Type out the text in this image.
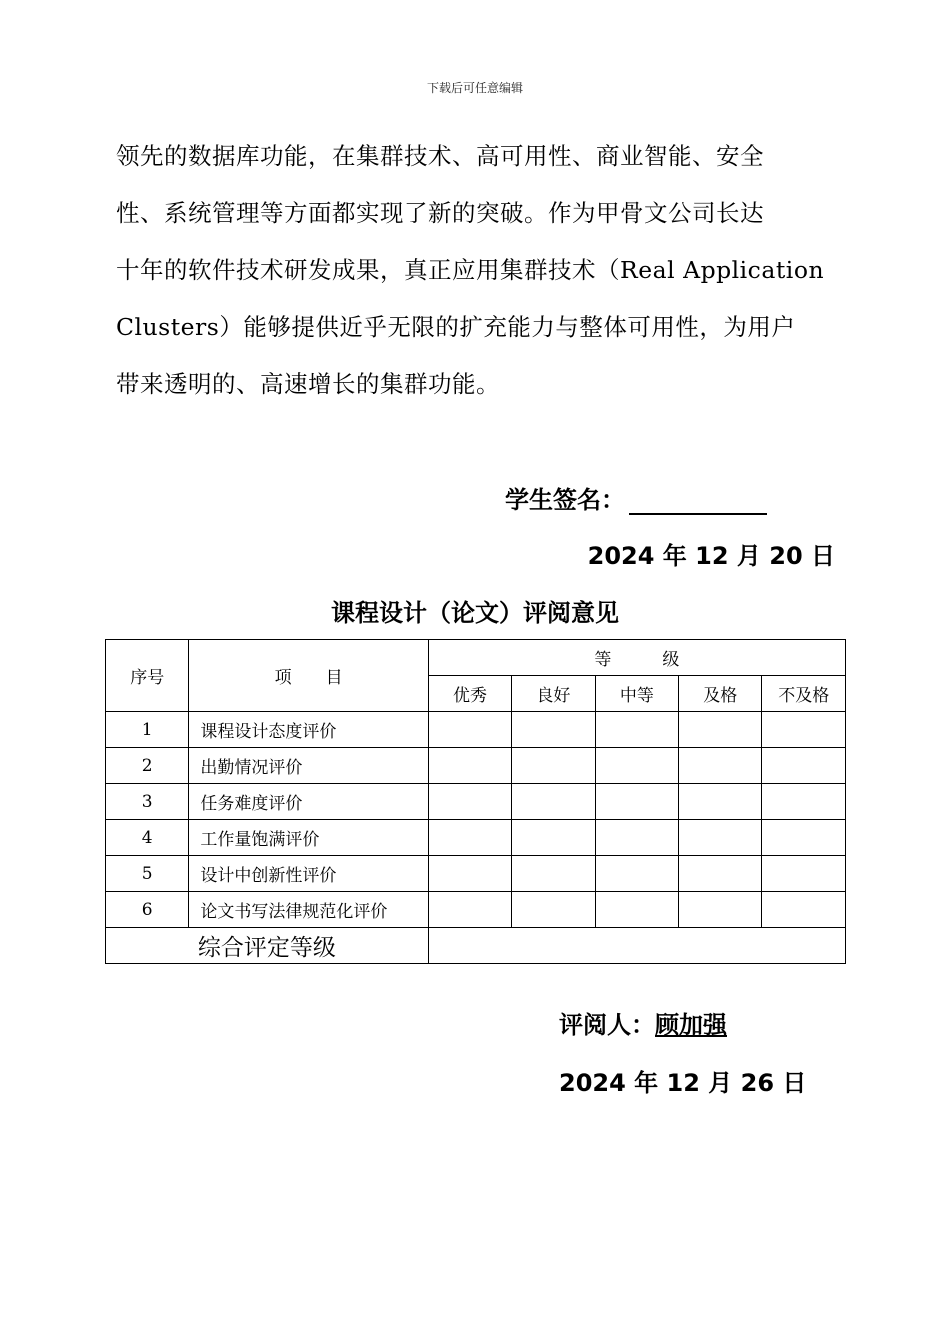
下载后可任意编辑

领先的数据库功能，在集群技术、高可用性、商业智能、安全

性、系统管理等方面都实现了新的突破。作为甲骨文公司长达

十年的软件技术研发成果，真正应用集群技术（Real Application

Clusters）能够提供近乎无限的扩充能力与整体可用性，为用户

带来透明的、高速增长的集群功能。

学生签名：
2024 年 12 月 20 日
课程设计（论文）评阅意见
序号	项　　目	等　　　级				
		优秀	良好	中等	及格	不及格
1	课程设计态度评价					
2	出勤情况评价					
3	任务难度评价					
4	工作量饱满评价					
5	设计中创新性评价					
6	论文书写法律规范化评价					
综合评定等级						
评阅人：顾加强
2024 年 12 月 26 日
